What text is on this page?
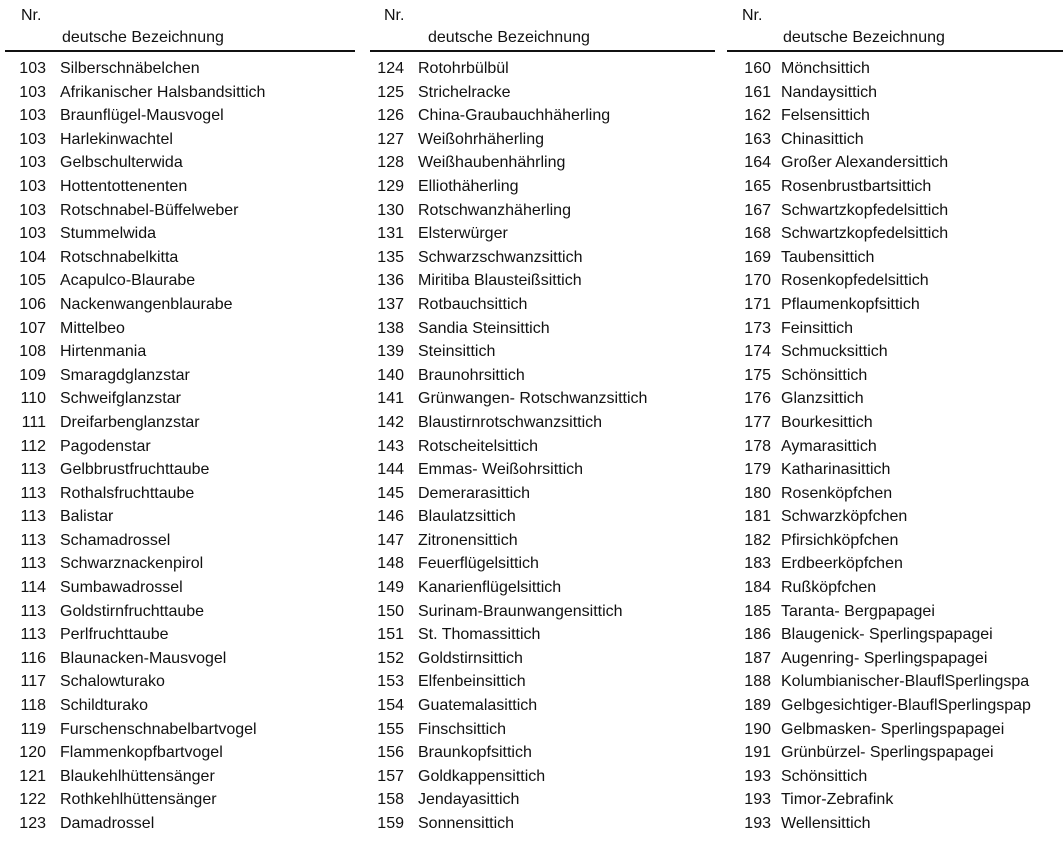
Nr.
deutsche Bezeichnung
103 Silberschnäbelchen
103 Afrikanischer Halsbandsittich
103 Braunflügel-Mausvogel
103 Harlekinwachtel
103 Gelbschulterwida
103 Hottentottenenten
103 Rotschnabel-Büffelweber
103 Stummelwida
104 Rotschnabelkitta
105 Acapulco-Blaurabe
106 Nackenwangenblaurabe
107 Mittelbeo
108 Hirtenmania
109 Smaragdglanzstar
110 Schweifglanzstar
111 Dreifarbenglanzstar
112 Pagodenstar
113 Gelbbrustfruchttaube
113 Rothalsfruchttaube
113 Balistar
113 Schamadrossel
113 Schwarznackenpirol
114 Sumbawadrossel
113 Goldstirnfruchttaube
113 Perlfruchttaube
116 Blaunacken-Mausvogel
117 Schalowturako
118 Schildturako
119 Furschenschnabelbartvogel
120 Flammenkopfbartvogel
121 Blaukehlhüttensänger
122 Rothkehlhüttensänger
123 Damadrossel
Nr.
deutsche Bezeichnung
124 Rotohrbülbül
125 Strichelracke
126 China-Graubauchhäherling
127 Weißohrhäherling
128 Weißhaubenhährling
129 Elliothäherling
130 Rotschwanzhäherling
131 Elsterwürger
135 Schwarzschwanzsittich
136 Miritiba Blausteißsittich
137 Rotbauchsittich
138 Sandia Steinsittich
139 Steinsittich
140 Braunohrsittich
141 Grünwangen- Rotschwanzsittich
142 Blaustirnrotschwanzsittich
143 Rotscheitelsittich
144 Emmas- Weißohrsittich
145 Demerarasittich
146 Blaulatzsittich
147 Zitronensittich
148 Feuerflügelsittich
149 Kanarienflügelsittich
150 Surinam-Braunwangensittich
151 St. Thomassittich
152 Goldstirnsittich
153 Elfenbeinsittich
154 Guatemalasittich
155 Finschsittich
156 Braunkopfsittich
157 Goldkappensittich
158 Jendayasittich
159 Sonnensittich
Nr.
deutsche Bezeichnung
160 Mönchsittich
161 Nandaysittich
162 Felsensittich
163 Chinasittich
164 Großer Alexandersittich
165 Rosenbrustbartsittich
167 Schwartzkopfedelsittich
168 Schwartzkopfedelsittich
169 Taubensittich
170 Rosenkopfedelsittich
171 Pflaumenkopfsittich
173 Feinsittich
174 Schmucksittich
175 Schönsittich
176 Glanzsittich
177 Bourkesittich
178 Aymarasittich
179 Katharinasittich
180 Rosenköpfchen
181 Schwarzköpfchen
182 Pfirsichköpfchen
183 Erdbeerköpfchen
184 Rußköpfchen
185 Taranta- Bergpapagei
186 Blaugenick- Sperlingspapagei
187 Augenring- Sperlingspapagei
188 Kolumbianischer-BlauflSperlingspa
189 Gelbgesichtiger-BlauflSperlingspap
190 Gelbmasken- Sperlingspapagei
191 Grünbürzel- Sperlingspapagei
193 Schönsittich
193 Timor-Zebrafink
193 Wellensittich
